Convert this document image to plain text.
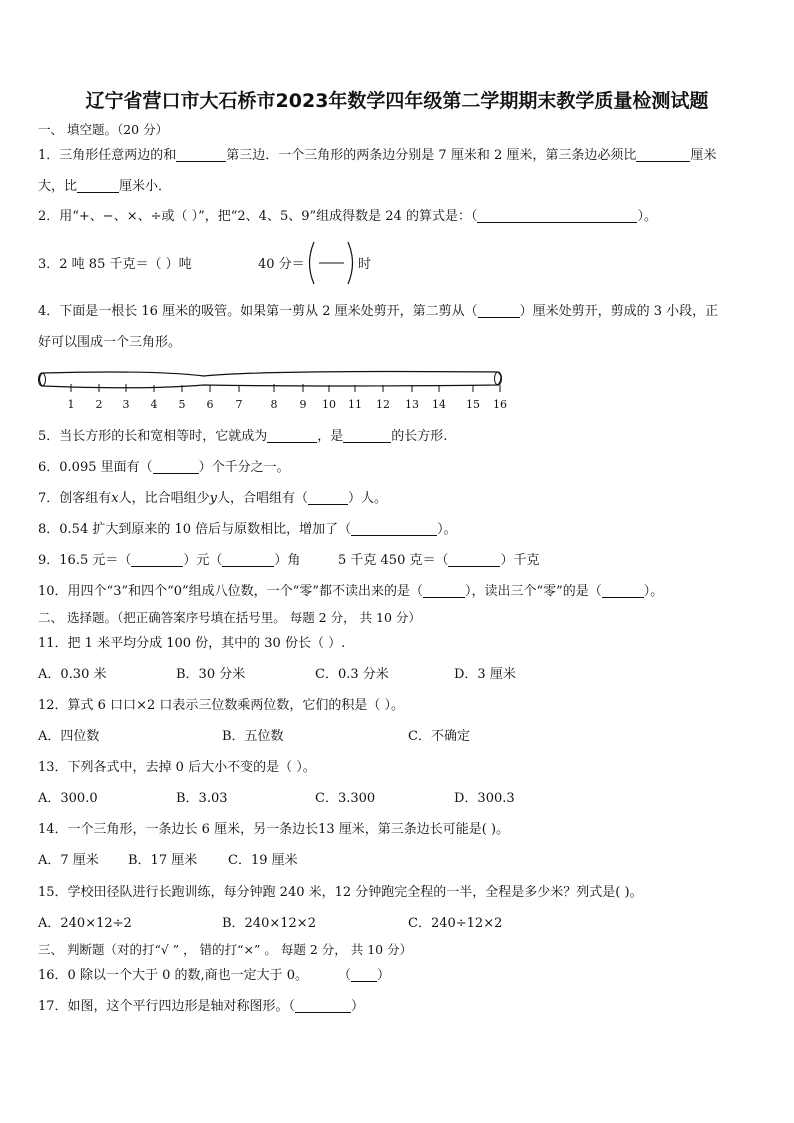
辽宁省营口市大石桥市2023年数学四年级第二学期期末教学质量检测试题
一、 填空题。（20 分）
1．三角形任意两边的和	第三边．一个三角形的两条边分别是 7 厘米和 2 厘米，第三条边必须比	厘米
大，比	厘米小．
2．用“+、−、×、÷或（ ）”，把“2、4、5、9”组成得数是 24 的算式是：（	）。
3．2 吨 85 千克＝（ ）吨	40 分＝	时
4．下面是一根长 16 厘米的吸管。如果第一剪从 2 厘米处剪开，第二剪从（	）厘米处剪开，剪成的 3 小段，正
好可以围成一个三角形。
1 2 3 4 5 6 7	8 9 10 11 12 13 14 15 16
5．当长方形的长和宽相等时，它就成为	，是	的长方形.
6．0.095 里面有（	）个千分之一。
7．创客组有x人，比合唱组少y人，合唱组有（	）人。
8．0.54 扩大到原来的 10 倍后与原数相比，增加了（	）。
9．16.5 元＝（	）元（	）角	5 千克 450 克＝（	）千克
10．用四个“3”和四个“0”组成八位数，一个“零”都不读出来的是（	），读出三个“零”的是（	）。
二、 选择题。（把正确答案序号填在括号里。 每题 2 分， 共 10 分）
11．把 1 米平均分成 100 份，其中的 30 份长（ ）.
A．0.30 米	B．30 分米	C．0.3 分米	D．3 厘米
12．算式 6 口口×2 口表示三位数乘两位数，它们的积是（ ）。
A．四位数	B．五位数	C．不确定
13．下列各式中，去掉 0 后大小不变的是（ ）。
A．300.0	B．3.03	C．3.300	D．300.3
14．一个三角形，一条边长 6 厘米，另一条边长13 厘米，第三条边长可能是( )。
A．7 厘米 B．17 厘米 C．19 厘米
15．学校田径队进行长跑训练，每分钟跑 240 米，12 分钟跑完全程的一半，全程是多少米？列式是( )。
A．240×12÷2	B．240×12×2	C．240÷12×2
三、 判断题（对的打“√ ” ， 错的打“×” 。 每题 2 分， 共 10 分）
16．0 除以一个大于 0 的数,商也一定大于 0。 （ ）
17．如图，这个平行四边形是轴对称图形。（	）
